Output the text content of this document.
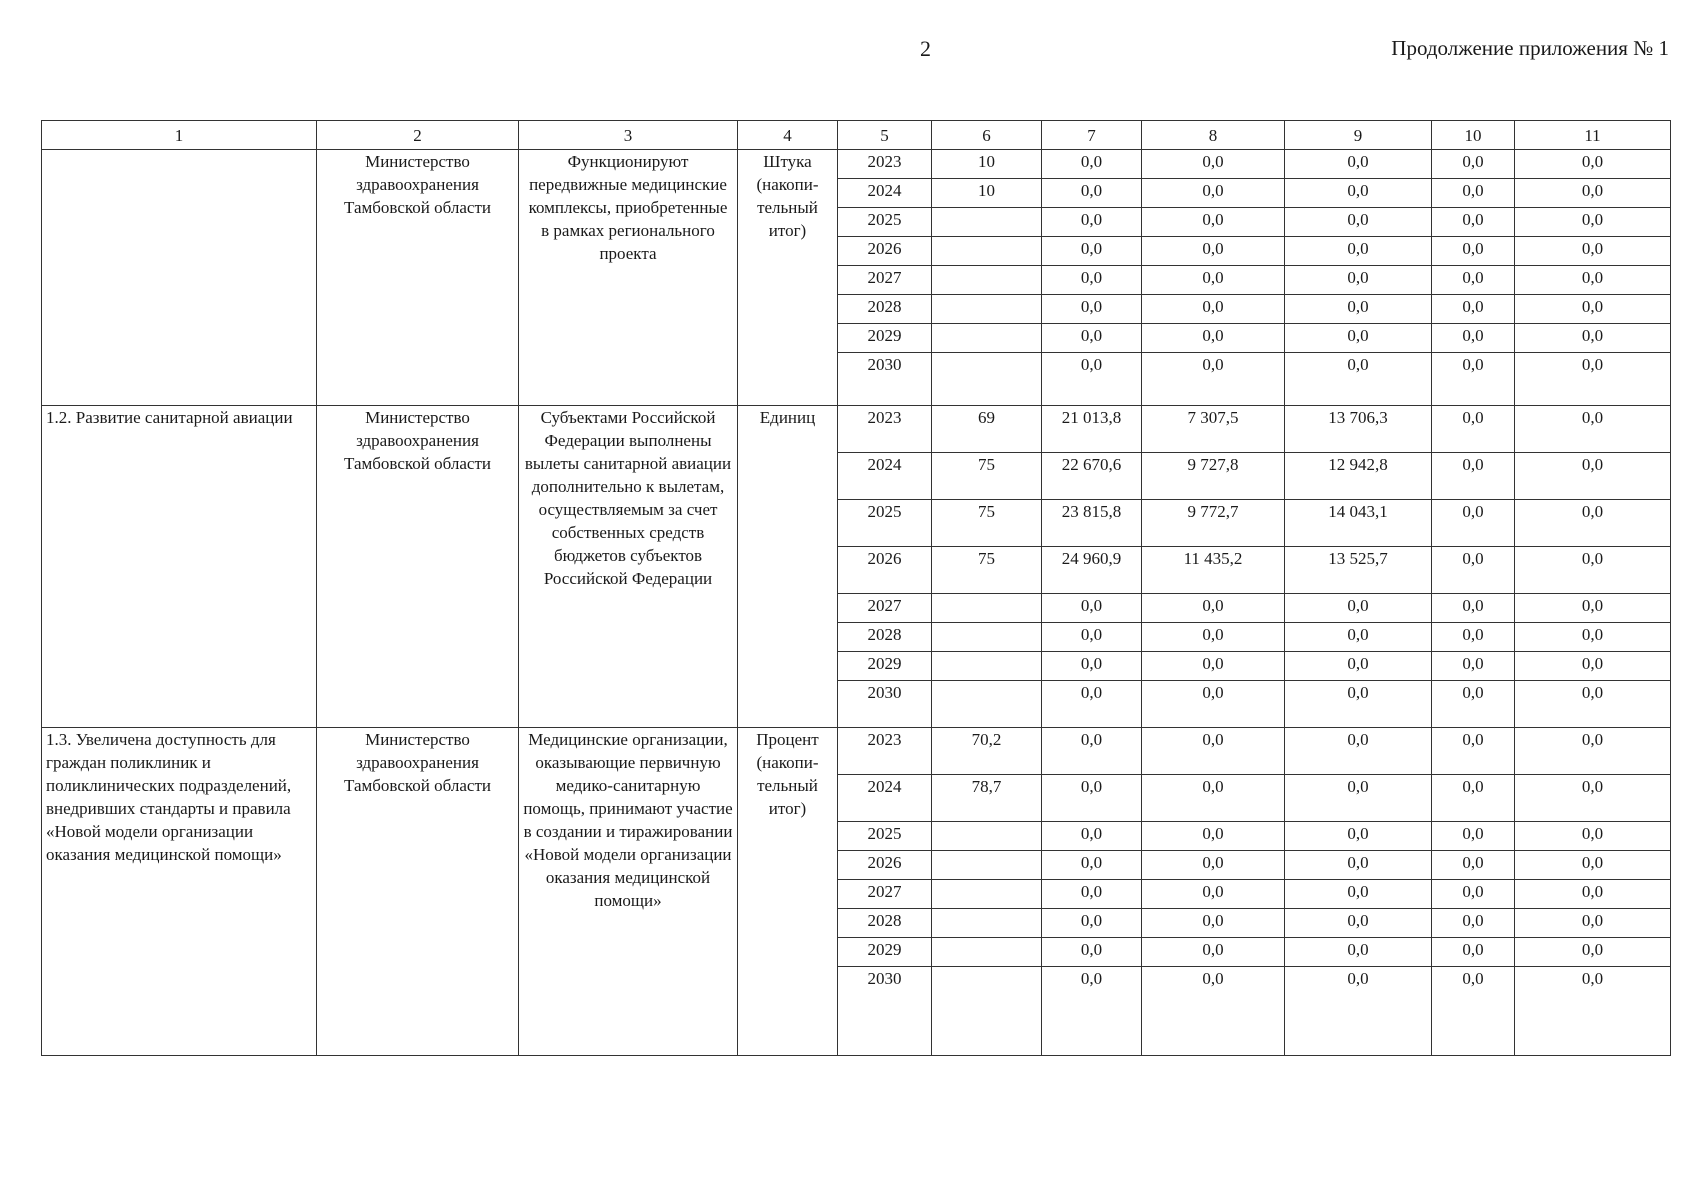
2	Продолжение приложения № 1
1	2	3	4	5	6	7	8	9	10	11
	Министерство здравоохранения Тамбовской области	Функционируют передвижные медицинские комплексы, приобретенные в рамках регионального проекта	Штука (накопи-тельный итог)	2023	10	0,0	0,0	0,0	0,0	0,0
				2024	10	0,0	0,0	0,0	0,0	0,0
				2025		0,0	0,0	0,0	0,0	0,0
				2026		0,0	0,0	0,0	0,0	0,0
				2027		0,0	0,0	0,0	0,0	0,0
				2028		0,0	0,0	0,0	0,0	0,0
				2029		0,0	0,0	0,0	0,0	0,0
				2030		0,0	0,0	0,0	0,0	0,0
1.2. Развитие санитарной авиации	Министерство здравоохранения Тамбовской области	Субъектами Российской Федерации выполнены вылеты санитарной авиации дополнительно к вылетам, осуществляемым за счет собственных средств бюджетов субъектов Российской Федерации	Единиц	2023	69	21 013,8	7 307,5	13 706,3	0,0	0,0
				2024	75	22 670,6	9 727,8	12 942,8	0,0	0,0
				2025	75	23 815,8	9 772,7	14 043,1	0,0	0,0
				2026	75	24 960,9	11 435,2	13 525,7	0,0	0,0
				2027		0,0	0,0	0,0	0,0	0,0
				2028		0,0	0,0	0,0	0,0	0,0
				2029		0,0	0,0	0,0	0,0	0,0
				2030		0,0	0,0	0,0	0,0	0,0
1.3. Увеличена доступность для граждан поликлиник и поликлинических подразделений, внедривших стандарты и правила «Новой модели организации оказания медицинской помощи»	Министерство здравоохранения Тамбовской области	Медицинские организации, оказывающие первичную медико-санитарную помощь, принимают участие в создании и тиражировании «Новой модели организации оказания медицинской помощи»	Процент (накопи-тельный итог)	2023	70,2	0,0	0,0	0,0	0,0	0,0
				2024	78,7	0,0	0,0	0,0	0,0	0,0
				2025		0,0	0,0	0,0	0,0	0,0
				2026		0,0	0,0	0,0	0,0	0,0
				2027		0,0	0,0	0,0	0,0	0,0
				2028		0,0	0,0	0,0	0,0	0,0
				2029		0,0	0,0	0,0	0,0	0,0
				2030		0,0	0,0	0,0	0,0	0,0
